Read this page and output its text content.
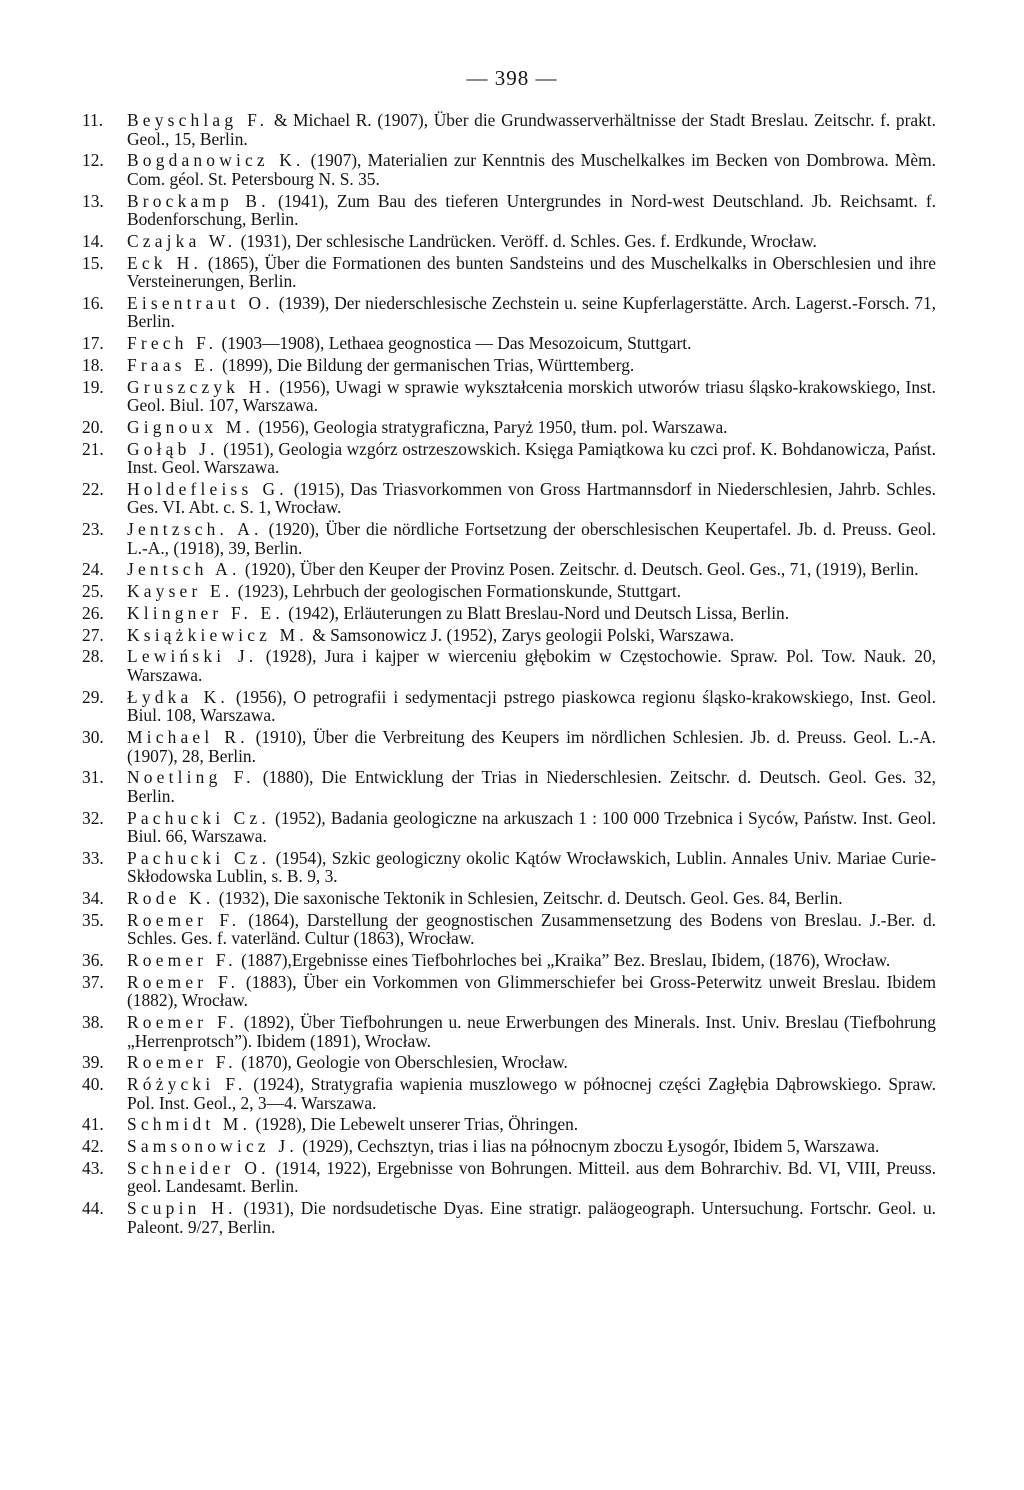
— 398 —
11. Beyschlag F. & Michael R. (1907), Über die Grundwasserverhältnisse der Stadt Breslau. Zeitschr. f. prakt. Geol., 15, Berlin.
12. Bogdanowicz K. (1907), Materialien zur Kenntnis des Muschelkalkes im Becken von Dombrowa. Mèm. Com. géol. St. Petersbourg N. S. 35.
13. Brockamp B. (1941), Zum Bau des tieferen Untergrundes in Nord-west Deutschland. Jb. Reichsamt. f. Bodenforschung, Berlin.
14. Czajka W. (1931), Der schlesische Landrücken. Veröff. d. Schles. Ges. f. Erdkunde, Wrocław.
15. Eck H. (1865), Über die Formationen des bunten Sandsteins und des Muschelkalks in Oberschlesien und ihre Versteinerungen, Berlin.
16. Eisentraut O. (1939), Der niederschlesische Zechstein u. seine Kupferlagerstätte. Arch. Lagerst.-Forsch. 71, Berlin.
17. Frech F. (1903—1908), Lethaea geognostica — Das Mesozoicum, Stuttgart.
18. Fraas E. (1899), Die Bildung der germanischen Trias, Württemberg.
19. Gruszczyk H. (1956), Uwagi w sprawie wykształcenia morskich utworów triasu śląsko-krakowskiego, Inst. Geol. Biul. 107, Warszawa.
20. Gignoux M. (1956), Geologia stratygraficzna, Paryż 1950, tłum. pol. Warszawa.
21. Gołąb J. (1951), Geologia wzgórz ostrzeszowskich. Księga Pamiątkowa ku czci prof. K. Bohdanowicza, Państ. Inst. Geol. Warszawa.
22. Holdefleiss G. (1915), Das Triasvorkommen von Gross Hartmannsdorf in Niederschlesien, Jahrb. Schles. Ges. VI. Abt. c. S. 1, Wrocław.
23. Jentzsch. A. (1920), Über die nördliche Fortsetzung der oberschlesischen Keupertafel. Jb. d. Preuss. Geol. L.-A., (1918), 39, Berlin.
24. Jentsch A. (1920), Über den Keuper der Provinz Posen. Zeitschr. d. Deutsch. Geol. Ges., 71, (1919), Berlin.
25. Kayser E. (1923), Lehrbuch der geologischen Formationskunde, Stuttgart.
26. Klingner F. E. (1942), Erläuterungen zu Blatt Breslau-Nord und Deutsch Lissa, Berlin.
27. Książkiewicz M. & Samsonowicz J. (1952), Zarys geologii Polski, Warszawa.
28. Lewiński J. (1928), Jura i kajper w wierceniu głębokim w Częstochowie. Spraw. Pol. Tow. Nauk. 20, Warszawa.
29. Łydka K. (1956), O petrografii i sedymentacji pstrego piaskowca regionu śląsko-krakowskiego, Inst. Geol. Biul. 108, Warszawa.
30. Michael R. (1910), Über die Verbreitung des Keupers im nördlichen Schlesien. Jb. d. Preuss. Geol. L.-A. (1907), 28, Berlin.
31. Noetling F. (1880), Die Entwicklung der Trias in Niederschlesien. Zeitschr. d. Deutsch. Geol. Ges. 32, Berlin.
32. Pachucki Cz. (1952), Badania geologiczne na arkuszach 1 : 100 000 Trzebnica i Syców, Państw. Inst. Geol. Biul. 66, Warszawa.
33. Pachucki Cz. (1954), Szkic geologiczny okolic Kątów Wrocławskich, Lublin. Annales Univ. Mariae Curie-Skłodowska Lublin, s. B. 9, 3.
34. Rode K. (1932), Die saxonische Tektonik in Schlesien, Zeitschr. d. Deutsch. Geol. Ges. 84, Berlin.
35. Roemer F. (1864), Darstellung der geognostischen Zusammensetzung des Bodens von Breslau. J.-Ber. d. Schles. Ges. f. vaterländ. Cultur (1863), Wrocław.
36. Roemer F. (1887),Ergebnisse eines Tiefbohrloches bei „Kraika” Bez. Breslau, Ibidem, (1876), Wrocław.
37. Roemer F. (1883), Über ein Vorkommen von Glimmerschiefer bei Gross-Peterwitz unweit Breslau. Ibidem (1882), Wrocław.
38. Roemer F. (1892), Über Tiefbohrungen u. neue Erwerbungen des Minerals. Inst. Univ. Breslau (Tiefbohrung „Herrenprotsch”). Ibidem (1891), Wrocław.
39. Roemer F. (1870), Geologie von Oberschlesien, Wrocław.
40. Różycki F. (1924), Stratygrafia wapienia muszlowego w północnej części Zagłębia Dąbrowskiego. Spraw. Pol. Inst. Geol., 2, 3—4. Warszawa.
41. Schmidt M. (1928), Die Lebewelt unserer Trias, Öhringen.
42. Samsonowicz J. (1929), Cechsztyn, trias i lias na północnym zboczu Łysogór, Ibidem 5, Warszawa.
43. Schneider O. (1914, 1922), Ergebnisse von Bohrungen. Mitteil. aus dem Bohrarchiv. Bd. VI, VIII, Preuss. geol. Landesamt. Berlin.
44. Scupin H. (1931), Die nordsudetische Dyas. Eine stratigr. paläogeograph. Untersuchung. Fortschr. Geol. u. Paleont. 9/27, Berlin.
